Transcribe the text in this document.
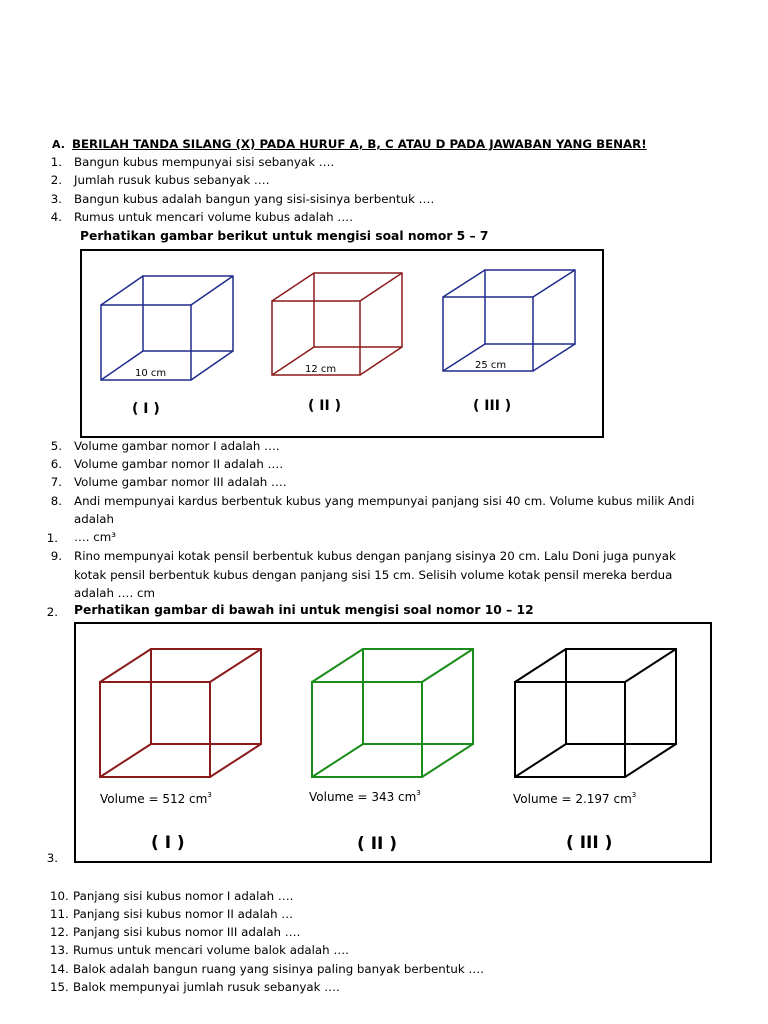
A. BERILAH TANDA SILANG (X) PADA HURUF A, B, C ATAU D PADA JAWABAN YANG BENAR!
1. Bangun kubus mempunyai sisi sebanyak ….
2. Jumlah rusuk kubus sebanyak ….
3. Bangun kubus adalah bangun yang sisi-sisinya berbentuk ….
4. Rumus untuk mencari volume kubus adalah ….
Perhatikan gambar berikut untuk mengisi soal nomor 5 – 7
10 cm
( I )
12 cm
( II )
25 cm
( III )
5. Volume gambar nomor I adalah ….
6. Volume gambar nomor II adalah ….
7. Volume gambar nomor III adalah ….
8. Andi mempunyai kardus berbentuk kubus yang mempunyai panjang sisi 40 cm. Volume kubus milik Andi
adalah
1. …. cm³
9. Rino mempunyai kotak pensil berbentuk kubus dengan panjang sisinya 20 cm. Lalu Doni juga punyak
kotak pensil berbentuk kubus dengan panjang sisi 15 cm. Selisih volume kotak pensil mereka berdua
adalah …. cm
2. Perhatikan gambar di bawah ini untuk mengisi soal nomor 10 – 12
Volume = 512 $cm^3$
( I )
Volume = 343 $cm^3$
( II )
Volume = 2.197 $cm^3$
( III )
3.
10. Panjang sisi kubus nomor I adalah ….
11. Panjang sisi kubus nomor II adalah …
12. Panjang sisi kubus nomor III adalah ….
13. Rumus untuk mencari volume balok adalah ….
14. Balok adalah bangun ruang yang sisinya paling banyak berbentuk ….
15. Balok mempunyai jumlah rusuk sebanyak ….
